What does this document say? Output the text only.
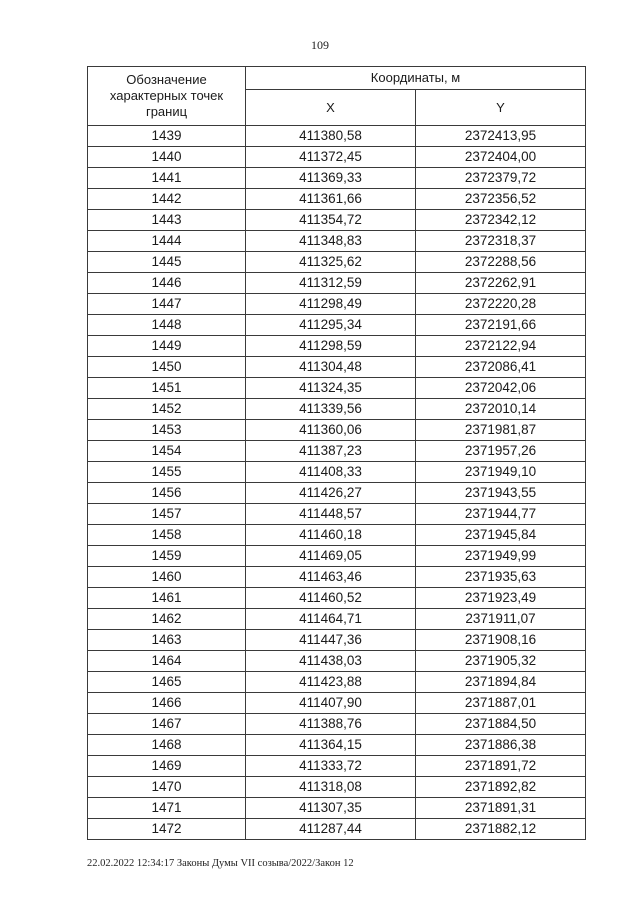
109
Обозначение характерных точек границ	Координаты, м	
	X	Y
1439	411380,58	2372413,95
1440	411372,45	2372404,00
1441	411369,33	2372379,72
1442	411361,66	2372356,52
1443	411354,72	2372342,12
1444	411348,83	2372318,37
1445	411325,62	2372288,56
1446	411312,59	2372262,91
1447	411298,49	2372220,28
1448	411295,34	2372191,66
1449	411298,59	2372122,94
1450	411304,48	2372086,41
1451	411324,35	2372042,06
1452	411339,56	2372010,14
1453	411360,06	2371981,87
1454	411387,23	2371957,26
1455	411408,33	2371949,10
1456	411426,27	2371943,55
1457	411448,57	2371944,77
1458	411460,18	2371945,84
1459	411469,05	2371949,99
1460	411463,46	2371935,63
1461	411460,52	2371923,49
1462	411464,71	2371911,07
1463	411447,36	2371908,16
1464	411438,03	2371905,32
1465	411423,88	2371894,84
1466	411407,90	2371887,01
1467	411388,76	2371884,50
1468	411364,15	2371886,38
1469	411333,72	2371891,72
1470	411318,08	2371892,82
1471	411307,35	2371891,31
1472	411287,44	2371882,12
22.02.2022 12:34:17 Законы Думы VII созыва/2022/Закон 12
